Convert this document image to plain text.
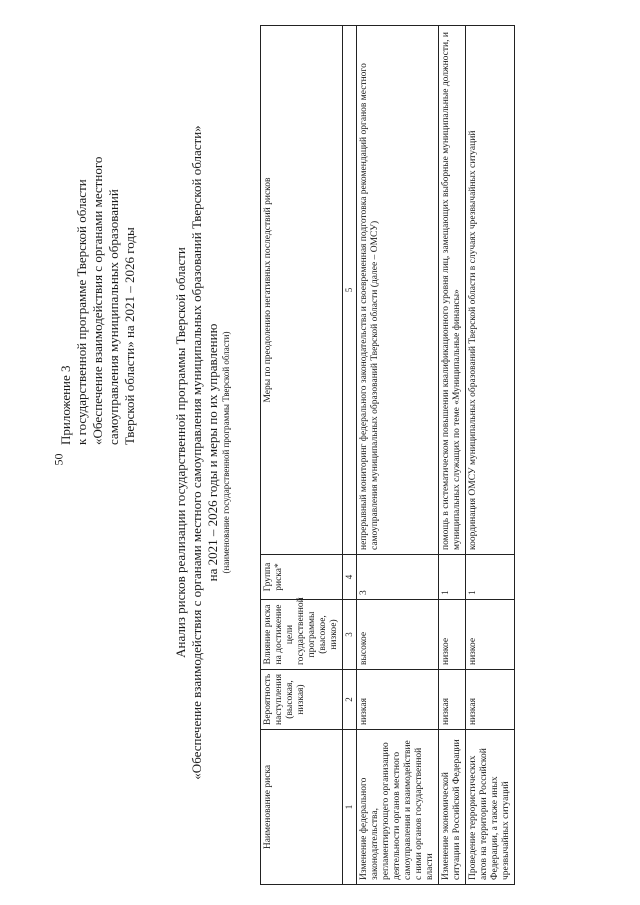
50
Приложение 3 к государственной программе Тверской области «Обеспечение взаимодействия с органами местного самоуправления муниципальных образований Тверской области» на 2021 – 2026 годы	Анализ рисков реализации государственной программы Тверской области «Обеспечение взаимодействия с органами местного самоуправления муниципальных образований Тверской области» на 2021 – 2026 годы и меры по их управлению (наименование государственной программы Тверской области)
Наименование риска	Вероятность наступления (высокая, низкая)	Влияние риска на достижение цели государственной программы (высокое, низкое)	Группа риска*	Меры по преодолению негативных последствий рисков
1	2	3	4	5
Изменение федерального законодательства, регламентирующего организацию деятельности органов местного самоуправления и взаимодействие с ними органов государственной власти	низкая	высокое	3	непрерывный мониторинг федерального законодательства и своевременная подготовка рекомендаций органов местного самоуправления муниципальных образований Тверской области (далее – ОМСУ)
Изменение экономической ситуации в Российской Федерации	низкая	низкое	1	помощь в систематическом повышении квалификационного уровня лиц, замещающих выборные муниципальные должности, и муниципальных служащих по теме «Муниципальные финансы»
Проведение террористических актов на территории Российской Федерации, а также иных чрезвычайных ситуаций	низкая	низкое	1	координация ОМСУ муниципальных образований Тверской области в случаях чрезвычайных ситуаций
